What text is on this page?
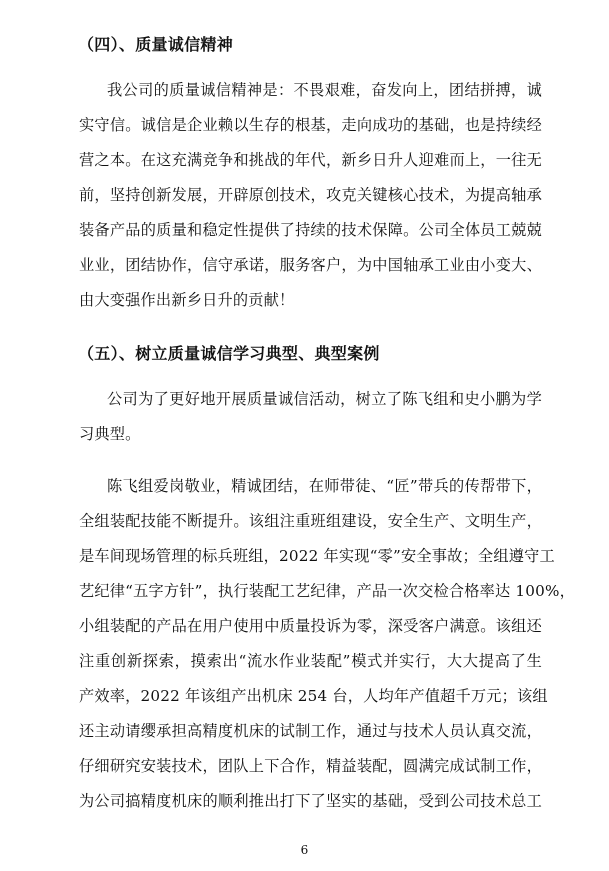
（四）、质量诚信精神
我公司的质量诚信精神是：不畏艰难，奋发向上，团结拼搏，诚
实守信。诚信是企业赖以生存的根基，走向成功的基础，也是持续经
营之本。在这充满竞争和挑战的年代，新乡日升人迎难而上，一往无
前，坚持创新发展，开辟原创技术，攻克关键核心技术，为提高轴承
装备产品的质量和稳定性提供了持续的技术保障。公司全体员工兢兢
业业，团结协作，信守承诺，服务客户，为中国轴承工业由小变大、
由大变强作出新乡日升的贡献！
（五）、树立质量诚信学习典型、典型案例
公司为了更好地开展质量诚信活动，树立了陈飞组和史小鹏为学
习典型。
陈飞组爱岗敬业，精诚团结，在师带徒、“匠”带兵的传帮带下，
全组装配技能不断提升。该组注重班组建设，安全生产、文明生产，
是车间现场管理的标兵班组，2022 年实现“零”安全事故；全组遵守工
艺纪律“五字方针”，执行装配工艺纪律，产品一次交检合格率达 100%，
小组装配的产品在用户使用中质量投诉为零，深受客户满意。该组还
注重创新探索，摸索出“流水作业装配”模式并实行，大大提高了生
产效率，2022 年该组产出机床 254 台，人均年产值超千万元；该组
还主动请缨承担高精度机床的试制工作，通过与技术人员认真交流，
仔细研究安装技术，团队上下合作，精益装配，圆满完成试制工作，
为公司搞精度机床的顺利推出打下了坚实的基础，受到公司技术总工
6
